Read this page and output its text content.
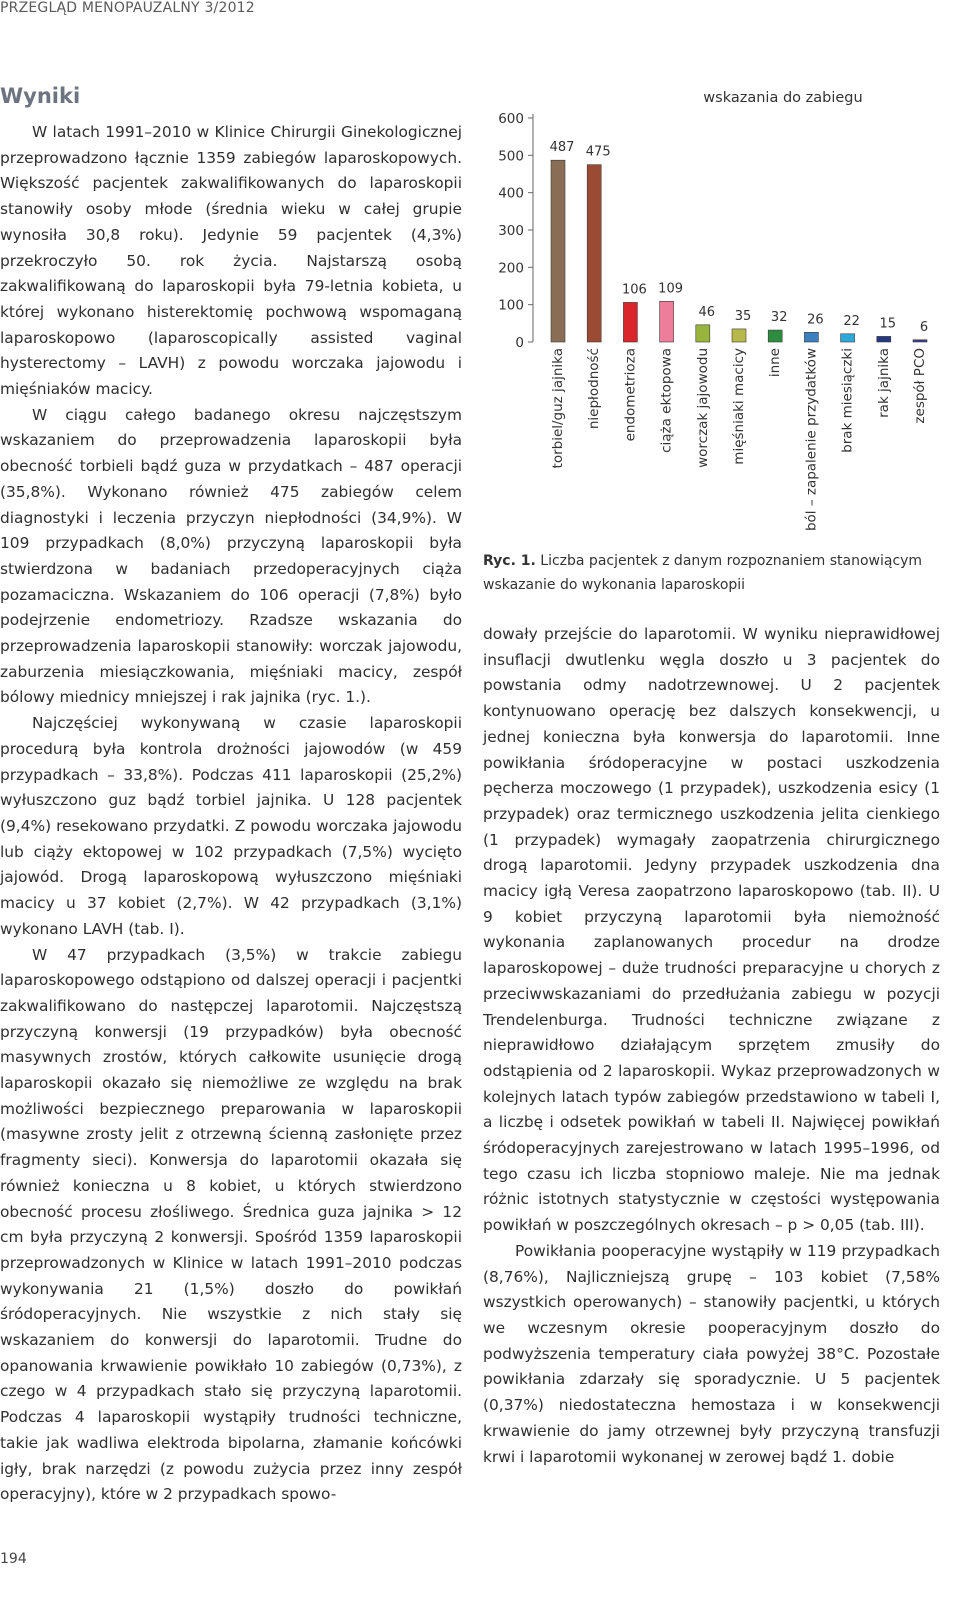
PRZEGLĄD MENOPAUZALNY 3/2012
Wyniki

W latach 1991–2010 w Klinice Chirurgii Ginekologicznej przeprowadzono łącznie 1359 zabiegów laparoskopowych. Większość pacjentek zakwalifikowanych do laparoskopii stanowiły osoby młode (średnia wieku w całej grupie wynosiła 30,8 roku). Jedynie 59 pacjentek (4,3%) przekroczyło 50. rok życia. Najstarszą osobą zakwalifikowaną do laparoskopii była 79-letnia kobieta, u której wykonano histerektomię pochwową wspomaganą laparoskopowo (laparoscopically assisted vaginal hysterectomy – LAVH) z powodu worczaka jajowodu i mięśniaków macicy.

W ciągu całego badanego okresu najczęstszym wskazaniem do przeprowadzenia laparoskopii była obecność torbieli bądź guza w przydatkach – 487 operacji (35,8%). Wykonano również 475 zabiegów celem diagnostyki i leczenia przyczyn niepłodności (34,9%). W 109 przypadkach (8,0%) przyczyną laparoskopii była stwierdzona w badaniach przedoperacyjnych ciąża pozamaciczna. Wskazaniem do 106 operacji (7,8%) było podejrzenie endometriozy. Rzadsze wskazania do przeprowadzenia laparoskopii stanowiły: worczak jajowodu, zaburzenia miesiączkowania, mięśniaki macicy, zespół bólowy miednicy mniejszej i rak jajnika (ryc. 1.).

Najczęściej wykonywaną w czasie laparoskopii procedurą była kontrola drożności jajowodów (w 459 przypadkach – 33,8%). Podczas 411 laparoskopii (25,2%) wyłuszczono guz bądź torbiel jajnika. U 128 pacjentek (9,4%) resekowano przydatki. Z powodu worczaka jajowodu lub ciąży ektopowej w 102 przypadkach (7,5%) wycięto jajowód. Drogą laparoskopową wyłuszczono mięśniaki macicy u 37 kobiet (2,7%). W 42 przypadkach (3,1%) wykonano LAVH (tab. I).

W 47 przypadkach (3,5%) w trakcie zabiegu laparoskopowego odstąpiono od dalszej operacji i pacjentki zakwalifikowano do następczej laparotomii. Najczęstszą przyczyną konwersji (19 przypadków) była obecność masywnych zrostów, których całkowite usunięcie drogą laparoskopii okazało się niemożliwe ze względu na brak możliwości bezpiecznego preparowania w laparoskopii (masywne zrosty jelit z otrzewną ścienną zasłonięte przez fragmenty sieci). Konwersja do laparotomii okazała się również konieczna u 8 kobiet, u których stwierdzono obecność procesu złośliwego. Średnica guza jajnika > 12 cm była przyczyną 2 konwersji. Spośród 1359 laparoskopii przeprowadzonych w Klinice w latach 1991–2010 podczas wykonywania 21 (1,5%) doszło do powikłań śródoperacyjnych. Nie wszystkie z nich stały się wskazaniem do konwersji do laparotomii. Trudne do opanowania krwawienie powikłało 10 zabiegów (0,73%), z czego w 4 przypadkach stało się przyczyną laparotomii. Podczas 4 laparoskopii wystąpiły trudności techniczne, takie jak wadliwa elektroda bipolarna, złamanie końcówki igły, brak narzędzi (z powodu zużycia przez inny zespół operacyjny), które w 2 przypadkach spowo-

wskazania do zabiegu
0
100
200
300
400
500
600
487
torbiel/guz jajnika
475
niepłodność
106
endometrioza
109
ciąża ektopowa
46
worczak jajowodu
35
mięśniaki macicy
32
inne
26
ból – zapalenie przydatków
22
brak miesiączki
15
rak jajnika
6
zespół PCO
Ryc. 1. Liczba pacjentek z danym rozpoznaniem stanowiącym wskazanie do wykonania laparoskopii

dowały przejście do laparotomii. W wyniku nieprawidłowej insuflacji dwutlenku węgla doszło u 3 pacjentek do powstania odmy nadotrzewnowej. U 2 pacjentek kontynuowano operację bez dalszych konsekwencji, u jednej konieczna była konwersja do laparotomii. Inne powikłania śródoperacyjne w postaci uszkodzenia pęcherza moczowego (1 przypadek), uszkodzenia esicy (1 przypadek) oraz termicznego uszkodzenia jelita cienkiego (1 przypadek) wymagały zaopatrzenia chirurgicznego drogą laparotomii. Jedyny przypadek uszkodzenia dna macicy igłą Veresa zaopatrzono laparoskopowo (tab. II). U 9 kobiet przyczyną laparotomii była niemożność wykonania zaplanowanych procedur na drodze laparoskopowej – duże trudności preparacyjne u chorych z przeciwwskazaniami do przedłużania zabiegu w pozycji Trendelenburga. Trudności techniczne związane z nieprawidłowo działającym sprzętem zmusiły do odstąpienia od 2 laparoskopii. Wykaz przeprowadzonych w kolejnych latach typów zabiegów przedstawiono w tabeli I, a liczbę i odsetek powikłań w tabeli II. Najwięcej powikłań śródoperacyjnych zarejestrowano w latach 1995–1996, od tego czasu ich liczba stopniowo maleje. Nie ma jednak różnic istotnych statystycznie w częstości występowania powikłań w poszczególnych okresach – p > 0,05 (tab. III).

Powikłania pooperacyjne wystąpiły w 119 przypadkach (8,76%), Najliczniejszą grupę – 103 kobiet (7,58% wszystkich operowanych) – stanowiły pacjentki, u których we wczesnym okresie pooperacyjnym doszło do podwyższenia temperatury ciała powyżej 38°C. Pozostałe powikłania zdarzały się sporadycznie. U 5 pacjentek (0,37%) niedostateczna hemostaza i w konsekwencji krwawienie do jamy otrzewnej były przyczyną transfuzji krwi i laparotomii wykonanej w zerowej bądź 1. dobie

194
